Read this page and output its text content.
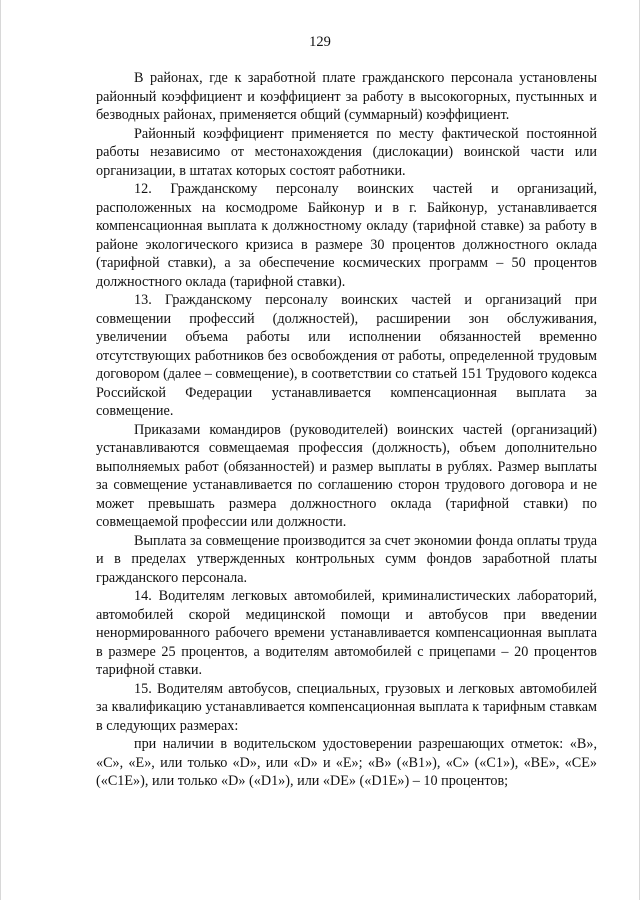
129

В районах, где к заработной плате гражданского персонала установлены районный коэффициент и коэффициент за работу в высокогорных, пустынных и безводных районах, применяется общий (суммарный) коэффициент.

Районный коэффициент применяется по месту фактической постоянной работы независимо от местонахождения (дислокации) воинской части или организации, в штатах которых состоят работники.

12. Гражданскому персоналу воинских частей и организаций, расположенных на космодроме Байконур и в г. Байконур, устанавливается компенсационная выплата к должностному окладу (тарифной ставке) за работу в районе экологического кризиса в размере 30 процентов должностного оклада (тарифной ставки), а за обеспечение космических программ – 50 процентов должностного оклада (тарифной ставки).

13. Гражданскому персоналу воинских частей и организаций при совмещении профессий (должностей), расширении зон обслуживания, увеличении объема работы или исполнении обязанностей временно отсутствующих работников без освобождения от работы, определенной трудовым договором (далее – совмещение), в соответствии со статьей 151 Трудового кодекса Российской Федерации устанавливается компенсационная выплата за совмещение.

Приказами командиров (руководителей) воинских частей (организаций) устанавливаются совмещаемая профессия (должность), объем дополнительно выполняемых работ (обязанностей) и размер выплаты в рублях. Размер выплаты за совмещение устанавливается по соглашению сторон трудового договора и не может превышать размера должностного оклада (тарифной ставки) по совмещаемой профессии или должности.

Выплата за совмещение производится за счет экономии фонда оплаты труда и в пределах утвержденных контрольных сумм фондов заработной платы гражданского персонала.

14. Водителям легковых автомобилей, криминалистических лабораторий, автомобилей скорой медицинской помощи и автобусов при введении ненормированного рабочего времени устанавливается компенсационная выплата в размере 25 процентов, а водителям автомобилей с прицепами – 20 процентов тарифной ставки.

15. Водителям автобусов, специальных, грузовых и легковых автомобилей за квалификацию устанавливается компенсационная выплата к тарифным ставкам в следующих размерах:

при наличии в водительском удостоверении разрешающих отметок: «В», «С», «Е», или только «D», или «D» и «Е»; «В» («В1»), «С» («С1»), «ВЕ», «СЕ» («С1Е»), или только «D» («D1»), или «DЕ» («D1Е») – 10 процентов;
